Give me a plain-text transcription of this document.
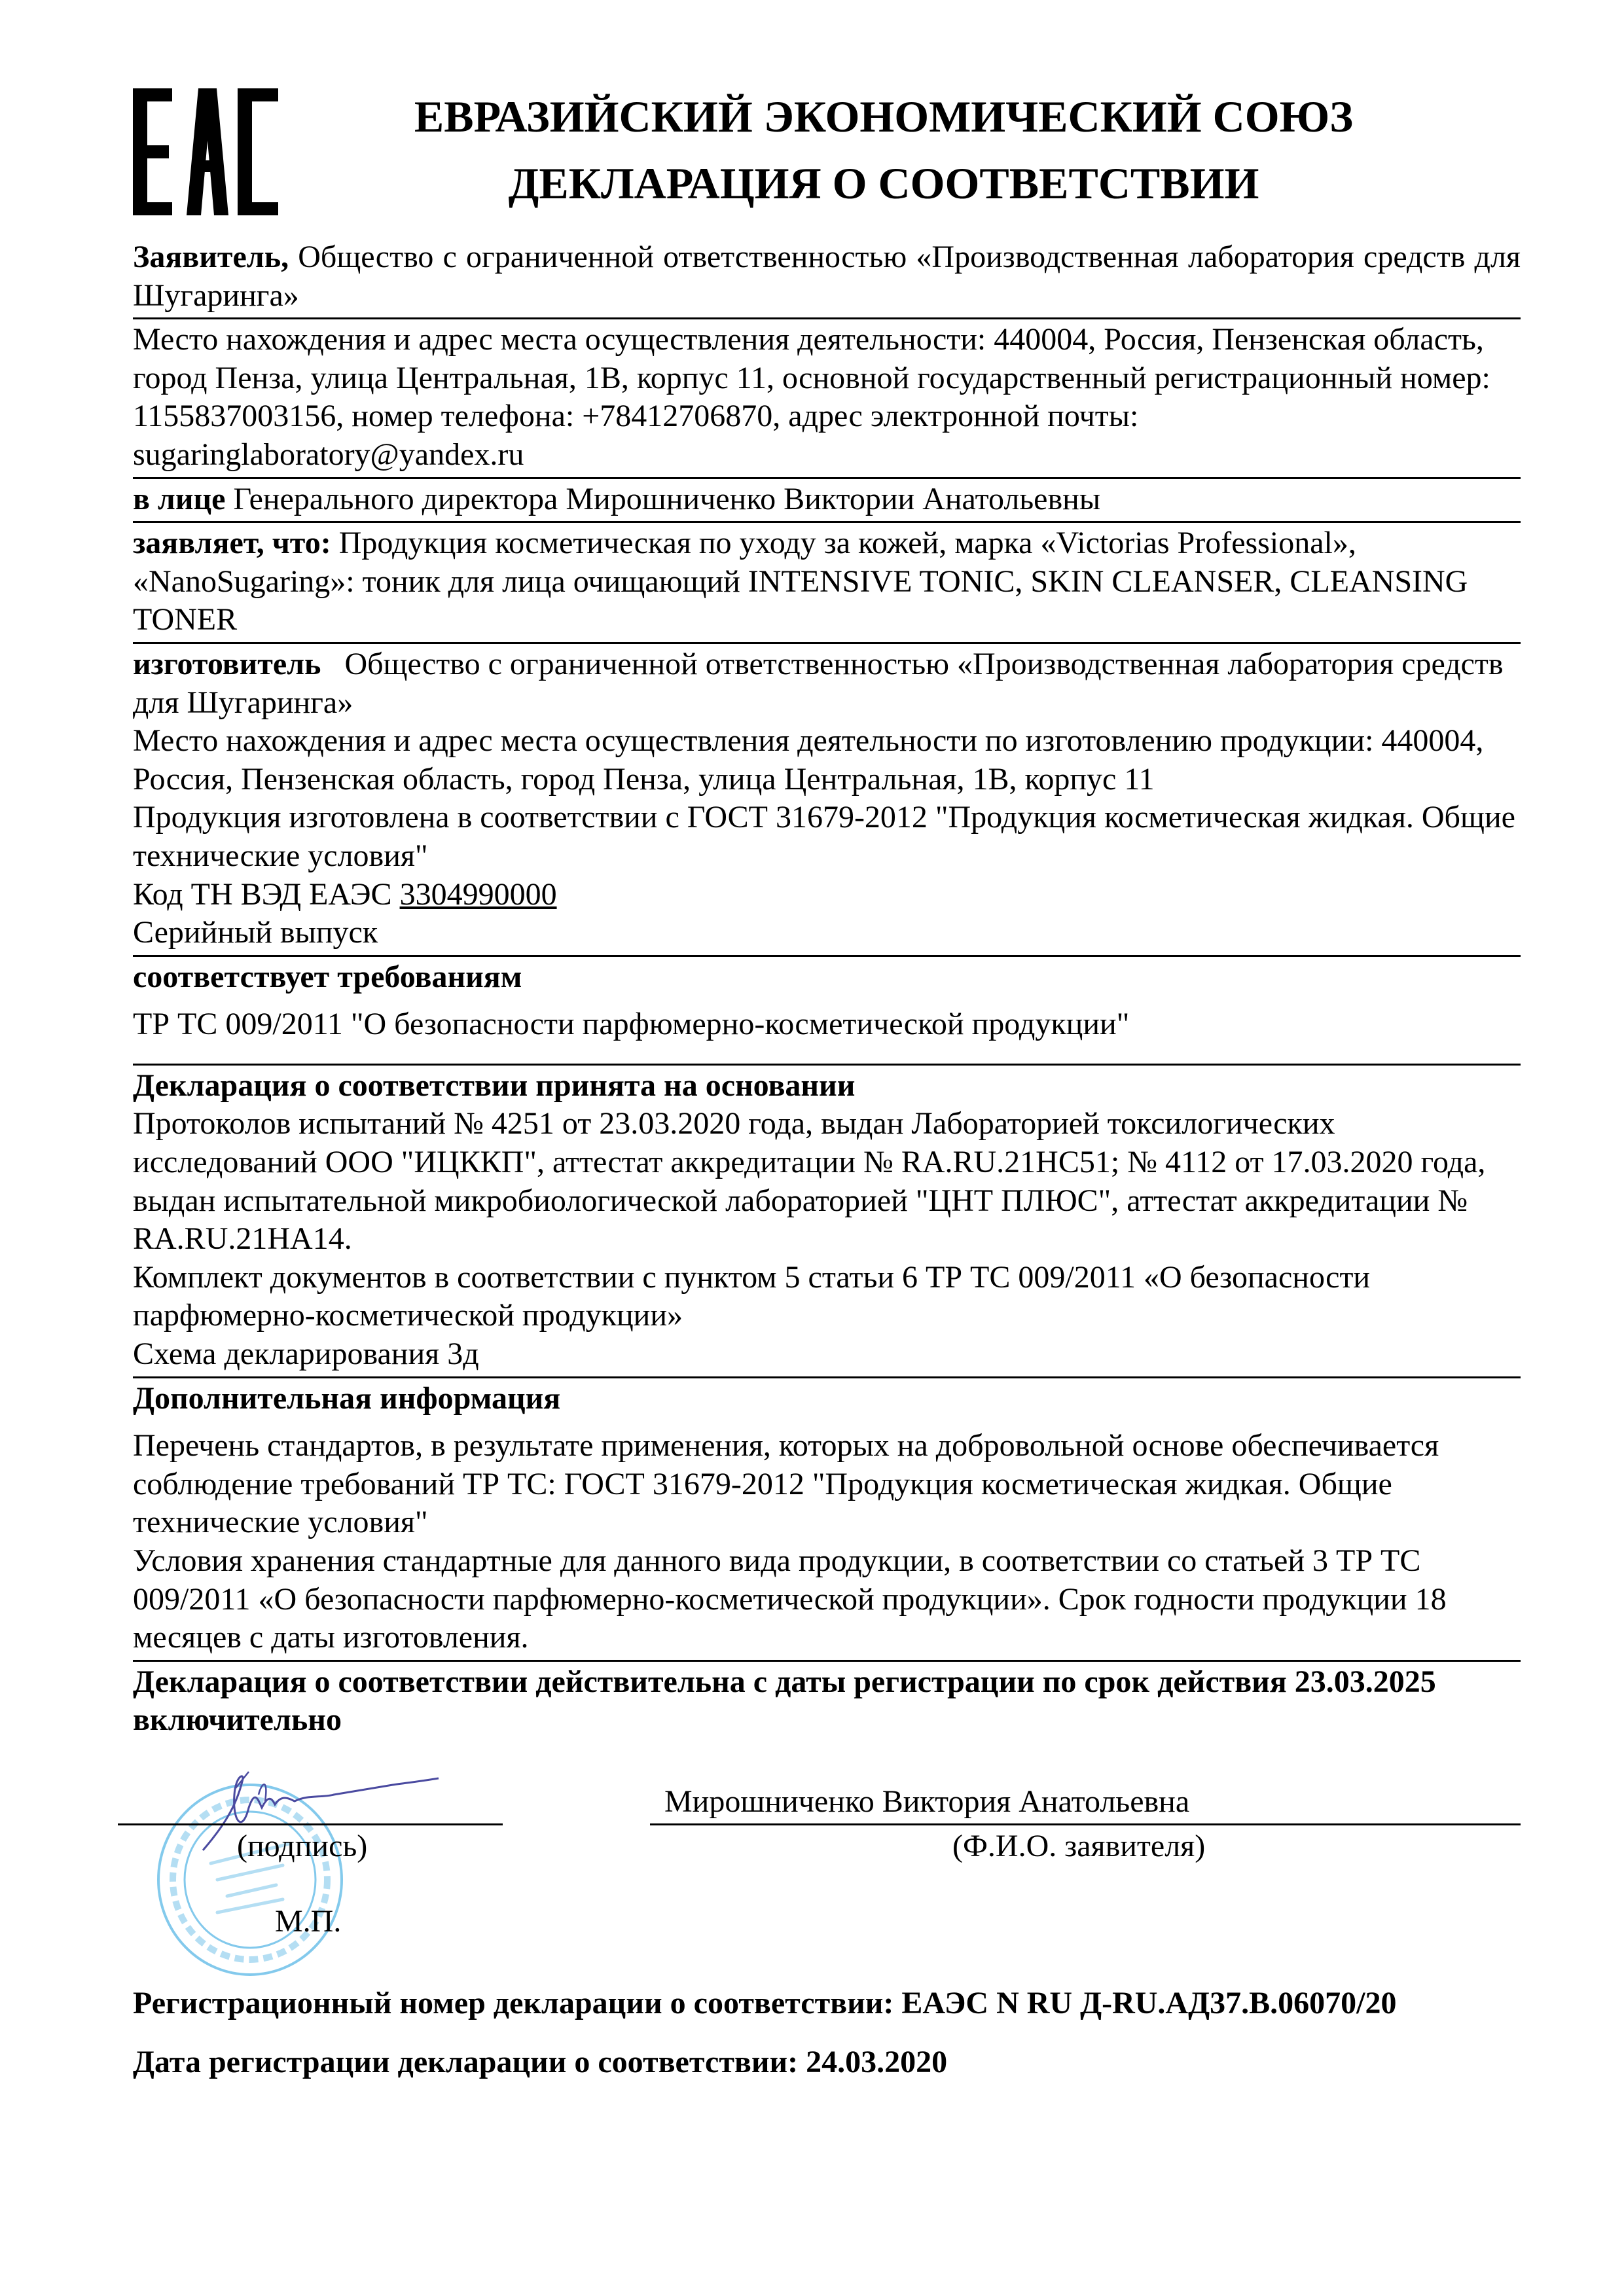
ЕВРАЗИЙСКИЙ ЭКОНОМИЧЕСКИЙ СОЮЗ
ДЕКЛАРАЦИЯ О СООТВЕТСТВИИ
Заявитель, Общество с ограниченной ответственностью «Производственная лаборатория средств для Шугаринга»
Место нахождения и адрес места осуществления деятельности: 440004, Россия, Пензенская область, город Пенза, улица Центральная, 1В, корпус 11, основной государственный регистрационный номер: 1155837003156, номер телефона: +78412706870, адрес электронной почты: sugaringlaboratory@yandex.ru
в лице Генерального директора Мирошниченко Виктории Анатольевны
заявляет, что: Продукция косметическая по уходу за кожей, марка «Victorias Professional», «NanoSugaring»: тоник для лица очищающий INTENSIVE TONIC, SKIN CLEANSER, CLEANSING TONER
изготовитель   Общество с ограниченной ответственностью «Производственная лаборатория средств для Шугаринга»
Место нахождения и адрес места осуществления деятельности по изготовлению продукции: 440004, Россия, Пензенская область, город Пенза, улица Центральная, 1В, корпус 11
Продукция изготовлена в соответствии с ГОСТ 31679-2012 "Продукция косметическая жидкая. Общие технические условия"
Код ТН ВЭД ЕАЭС 3304990000
Серийный выпуск
соответствует требованиям
ТР ТС 009/2011 "О безопасности парфюмерно-косметической продукции"
Декларация о соответствии принята на основании
Протоколов испытаний № 4251 от 23.03.2020 года, выдан Лабораторией токсилогических исследований ООО "ИЦККП", аттестат аккредитации № RA.RU.21НС51; № 4112 от 17.03.2020 года, выдан испытательной микробиологической лабораторией "ЦНТ ПЛЮС", аттестат аккредитации № RA.RU.21НА14.
Комплект документов в соответствии с пунктом 5 статьи 6 ТР ТС 009/2011 «О безопасности парфюмерно-косметической продукции»
Схема декларирования 3д
Дополнительная информация
Перечень стандартов, в результате применения, которых на добровольной основе обеспечивается соблюдение требований ТР ТС: ГОСТ 31679-2012 "Продукция косметическая жидкая. Общие технические условия"
Условия хранения стандартные для данного вида продукции, в соответствии со статьей 3 ТР ТС 009/2011 «О безопасности парфюмерно-косметической продукции». Срок годности продукции 18 месяцев с даты изготовления.
Декларация о соответствии действительна с даты регистрации по срок действия 23.03.2025 включительно
(подпись)
Мирошниченко Виктория Анатольевна
(Ф.И.О. заявителя)
М.П.
Регистрационный номер декларации о соответствии: ЕАЭС N RU Д-RU.АД37.В.06070/20
Дата регистрации декларации о соответствии: 24.03.2020
